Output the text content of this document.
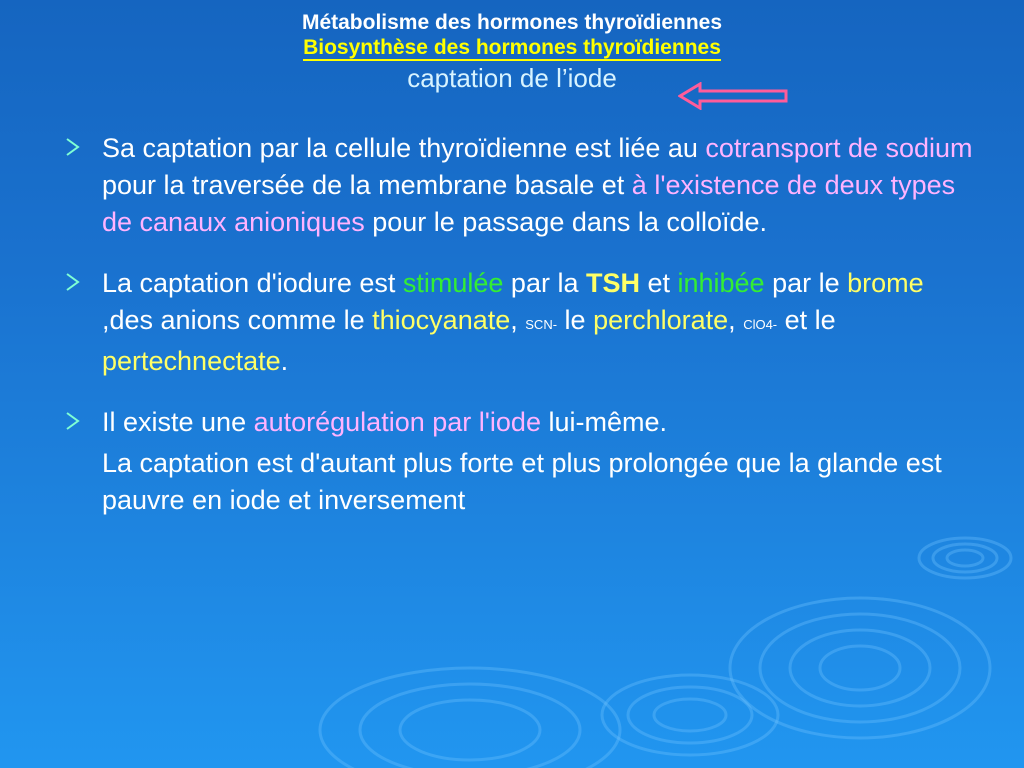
Métabolisme des hormones thyroïdiennes
Biosynthèse des hormones thyroïdiennes
captation de l’iode
Sa captation par la cellule thyroïdienne est liée au cotransport de sodium pour la traversée de la membrane basale et à l'existence de deux types de canaux anioniques pour le passage dans la colloïde.
La captation d'iodure est stimulée par la TSH et inhibée par le brome ,des anions comme le thiocyanate, SCN- le perchlorate, ClO4- et le pertechnectate.
Il existe une autorégulation par l'iode lui-même.
La captation est d'autant plus forte et plus prolongée que la glande est pauvre en iode et inversement
